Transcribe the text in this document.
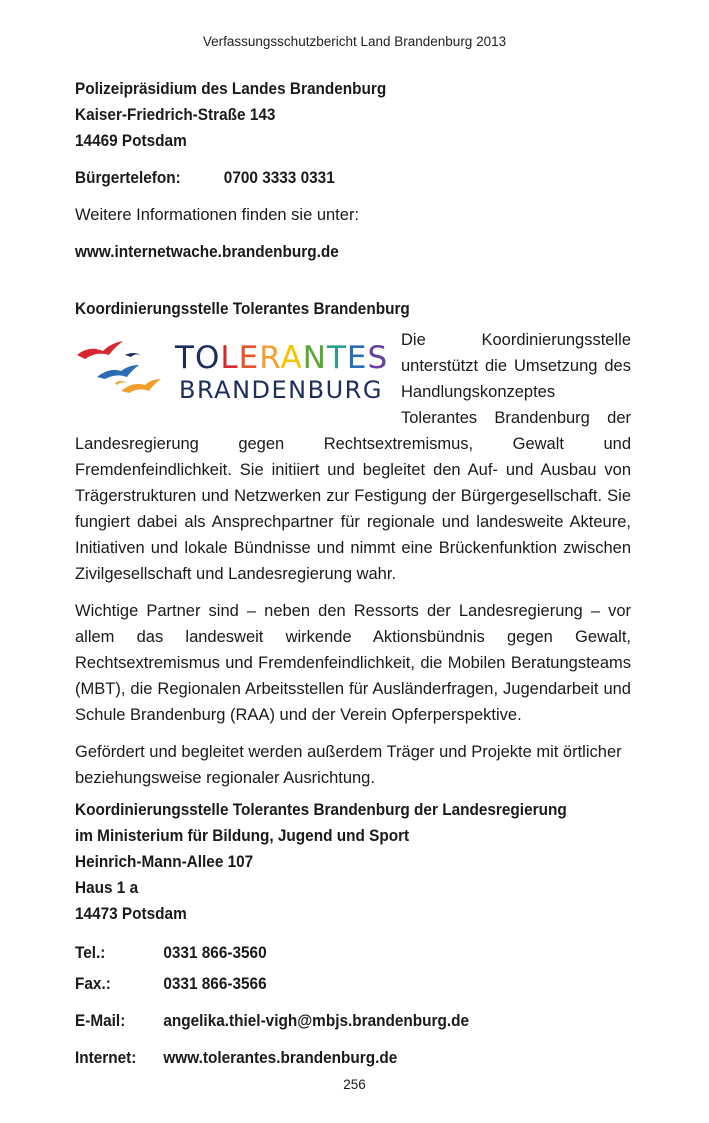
Verfassungsschutzbericht Land Brandenburg 2013
Polizeipräsidium des Landes Brandenburg
Kaiser-Friedrich-Straße 143
14469 Potsdam
Bürgertelefon:	0700 3333 0331
Weitere Informationen finden sie unter:
www.internetwache.brandenburg.de
Koordinierungsstelle Tolerantes Brandenburg
TOLERANTES
BRANDENBURG
Die Koordinierungsstelle unterstützt die Umsetzung des Handlungskonzeptes Tolerantes Brandenburg der Landesregierung gegen Rechtsextremismus, Gewalt und Fremdenfeindlichkeit. Sie initiiert und begleitet den Auf- und Ausbau von Trägerstrukturen und Netzwerken zur Festigung der Bürgergesellschaft. Sie fungiert dabei als Ansprechpartner für regionale und landesweite Akteure, Initiativen und lokale Bündnisse und nimmt eine Brückenfunktion zwischen Zivilgesellschaft und Landesregierung wahr.
Wichtige Partner sind – neben den Ressorts der Landesregierung – vor allem das landesweit wirkende Aktionsbündnis gegen Gewalt, Rechtsextremismus und Fremdenfeindlichkeit, die Mobilen Beratungsteams (MBT), die Regionalen Arbeitsstellen für Ausländerfragen, Jugendarbeit und Schule Brandenburg (RAA) und der Verein Opferperspektive.
Gefördert und begleitet werden außerdem Träger und Projekte mit örtlicher beziehungsweise regionaler Ausrichtung.
Koordinierungsstelle Tolerantes Brandenburg der Landesregierung
im Ministerium für Bildung, Jugend und Sport
Heinrich-Mann-Allee 107
Haus 1 a
14473 Potsdam
Tel.:	0331 866-3560
Fax.:	0331 866-3566
E-Mail:	angelika.thiel-vigh@mbjs.brandenburg.de
Internet:	www.tolerantes.brandenburg.de
256
